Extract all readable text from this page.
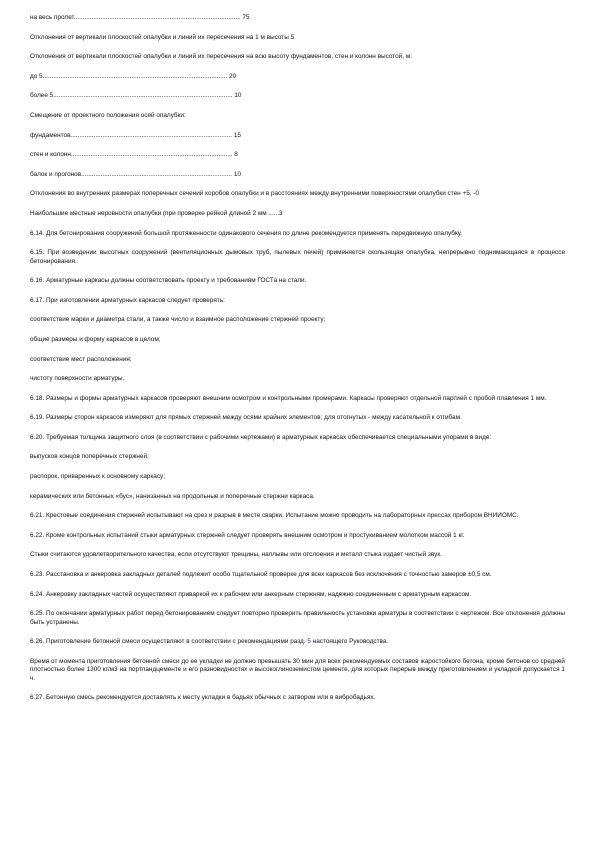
на весь пролет.............................................................................................. 75

Отклонения от вертикали плоскостей опалубки и линий их пересечения на 1 м высоты 5

Отклонения от вертикали плоскостей опалубки и линий их пересечения на всю высоту фундаментов, стен и колонн высотой, м:

до 5........................................................................................................ 20

более 5..................................................................................................... 10

Смещение от проектного положения осей опалубки:

фундаментов........................................................................................... 15

стен и колонн........................................................................................... 8

балок и прогонов..................................................................................... 10

Отклонения во внутренних размерах поперечных сечений коробов опалубки и в расстояниях между внутренними поверхностями опалубки стен +5, -0

Наибольшие местные неровности опалубки (при проверке рейкой длиной 2 мм ......3

6.14. Для бетонирования сооружений большой протяженности одинакового сечения по длине рекомендуется применять передвижную опалубку.

6.15. При возведении высотных сооружений (вентиляционных дымовых труб, пылевых печей) применяется скользящая опалубка, непрерывно поднимающаяся в процессе бетонирования.

6.16. Арматурные каркасы должны соответствовать проекту и требованиям ГОСТа на стали.

6.17. При изготовлении арматурных каркасов следует проверять:

соответствие марки и диаметра стали, а также число и взаимное расположение стержней проекту;

общие размеры и форму каркасов в целом;

соответствие мест расположения;

чистоту поверхности арматуры.

6.18. Размеры и формы арматурных каркасов проверяют внешним осмотром и контрольными промерами. Каркасы проверяют отдельной партией с пробой плавления 1 мм.

6.19. Размеры сторон каркасов измеряют для прямых стержней между осями крайних элементов; для отогнутых - между касательной к отгибам.

6.20. Требуемая толщина защитного слоя (в соответствии с рабочими чертежами) в арматурных каркасах обеспечивается специальными упорами в виде:

выпусков концов поперечных стержней;

распорок, приваренных к основному каркасу;

керамических или бетонных «бус», нанизанных на продольные и поперечные стержни каркаса.

6.21. Крестовые соединения стержней испытывают на срез и разрыв в месте сварки. Испытание можно проводить на лабораторных прессах прибором ВНИИОМС.

6.22. Кроме контрольных испытаний стыки арматурных стержней следует проверять внешним осмотром и простукиванием молотком массой 1 кг.

Стыки считаются удовлетворительного качества, если отсутствуют трещины, наплывы или отслоения и металл стыка издает чистый звук.

6.23. Расстановка и анкеровка закладных деталей подлежит особо тщательной проверке для всех каркасов без исключения с точностью замеров ±0,5 см.

6.24. Анкеровку закладных частей осуществляют приваркой их к рабочим или анкерным стержням, надежно соединенным с арматурным каркасом.

6.25. По окончании арматурных работ перед бетонированием следует повторно проверить правильность установки арматуры в соответствии с чертежом. Все отклонения должны быть устранены.

6.26. Приготовление бетонной смеси осуществляют в соответствии с рекомендациями разд. 5 настоящего Руководства.

Время от момента приготовления бетонной смеси до ее укладки не должно превышать 30 мин для всех рекомендуемых составов жаростойкого бетона, кроме бетонов со средней плотностью более 1300 кг/м3 на портландцементе и его разновидностях и высокоглиноземистом цементе, для которых перерыв между приготовлением и укладкой допускается 1 ч.

6.27. Бетонную смесь рекомендуется доставлять к месту укладки в бадьях обычных с затвором или в вибробадьях.
